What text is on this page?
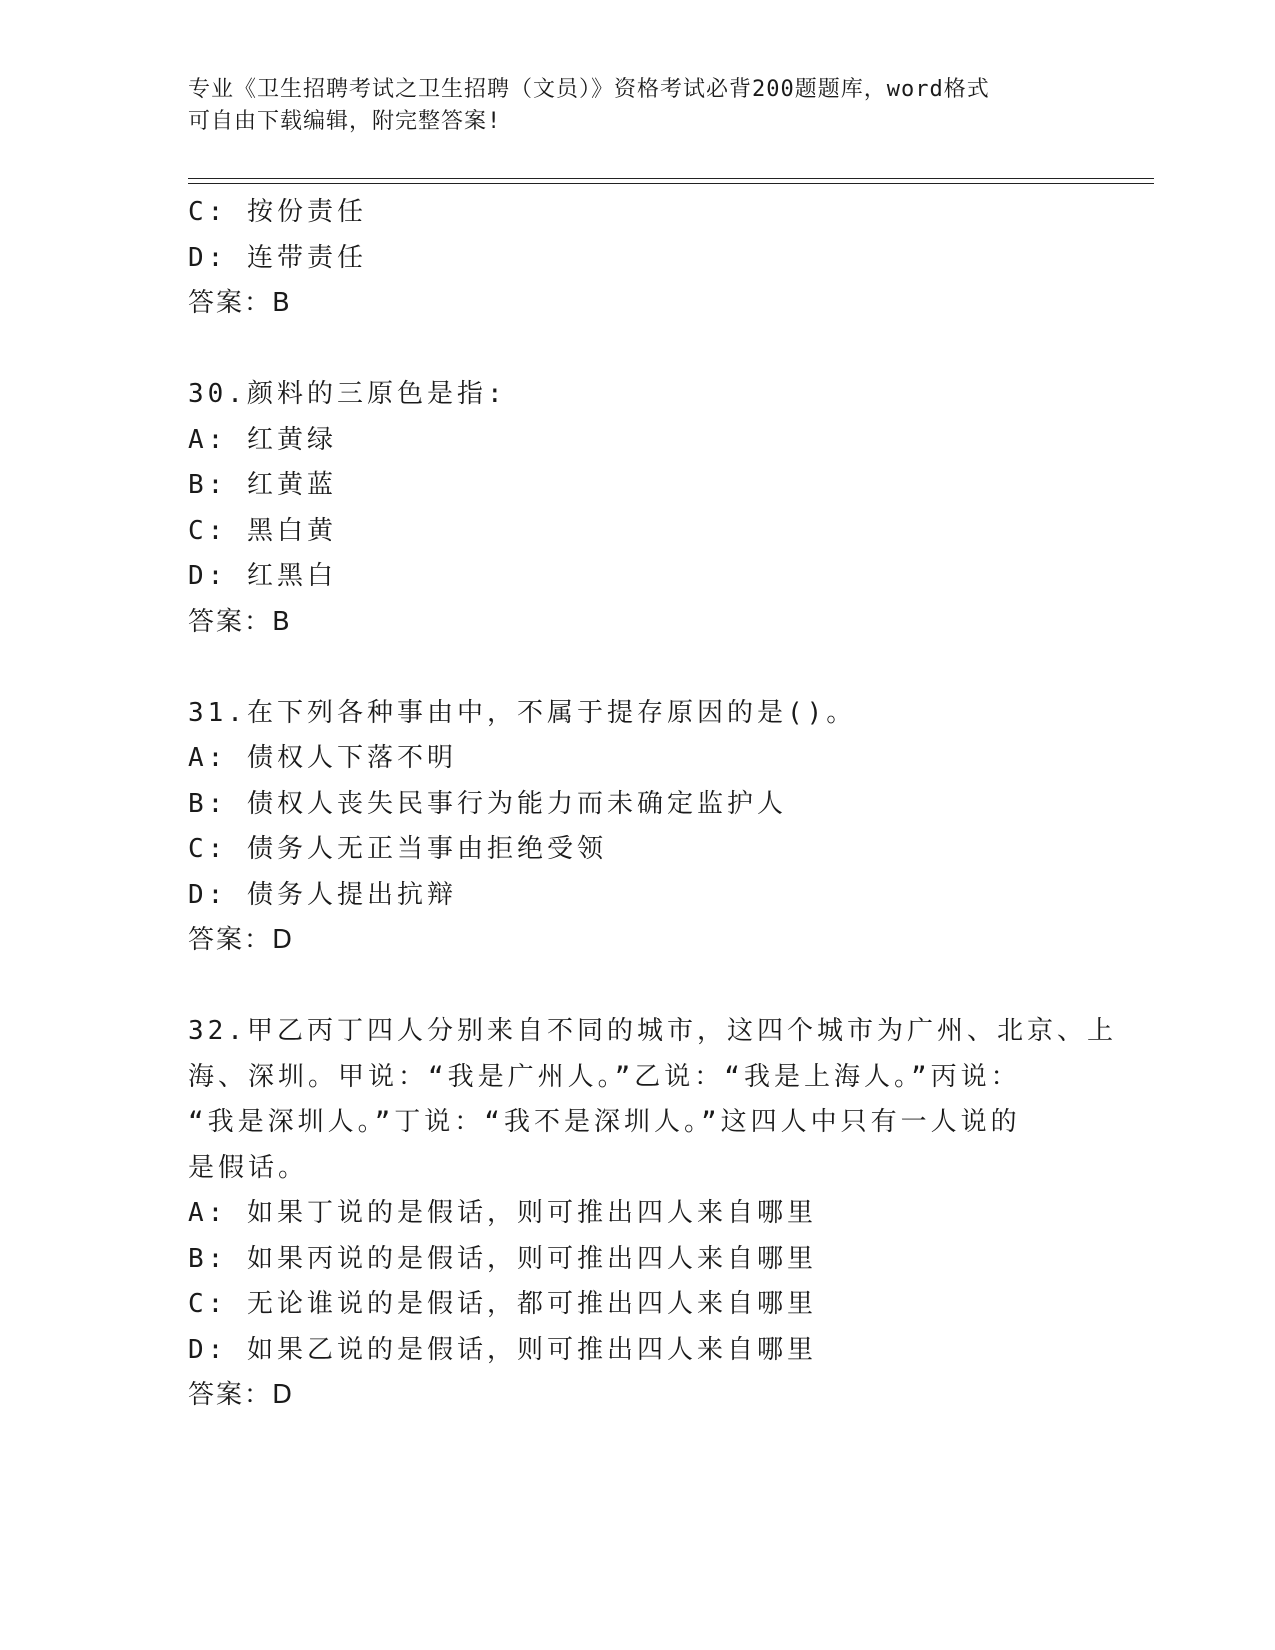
专业《卫生招聘考试之卫生招聘（文员）》资格考试必背200题题库，word格式
可自由下载编辑，附完整答案!
C: 按份责任
D: 连带责任
答案：B
30.颜料的三原色是指:
A: 红黄绿
B: 红黄蓝
C: 黑白黄
D: 红黑白
答案：B
31.在下列各种事由中，不属于提存原因的是()。
A: 债权人下落不明
B: 债权人丧失民事行为能力而未确定监护人
C: 债务人无正当事由拒绝受领
D: 债务人提出抗辩
答案：D
32.甲乙丙丁四人分别来自不同的城市，这四个城市为广州、北京、上
海、深圳。甲说：“我是广州人。”乙说：“我是上海人。”丙说：
“我是深圳人。”丁说：“我不是深圳人。”这四人中只有一人说的
是假话。
A: 如果丁说的是假话，则可推出四人来自哪里
B: 如果丙说的是假话，则可推出四人来自哪里
C: 无论谁说的是假话，都可推出四人来自哪里
D: 如果乙说的是假话，则可推出四人来自哪里
答案：D
